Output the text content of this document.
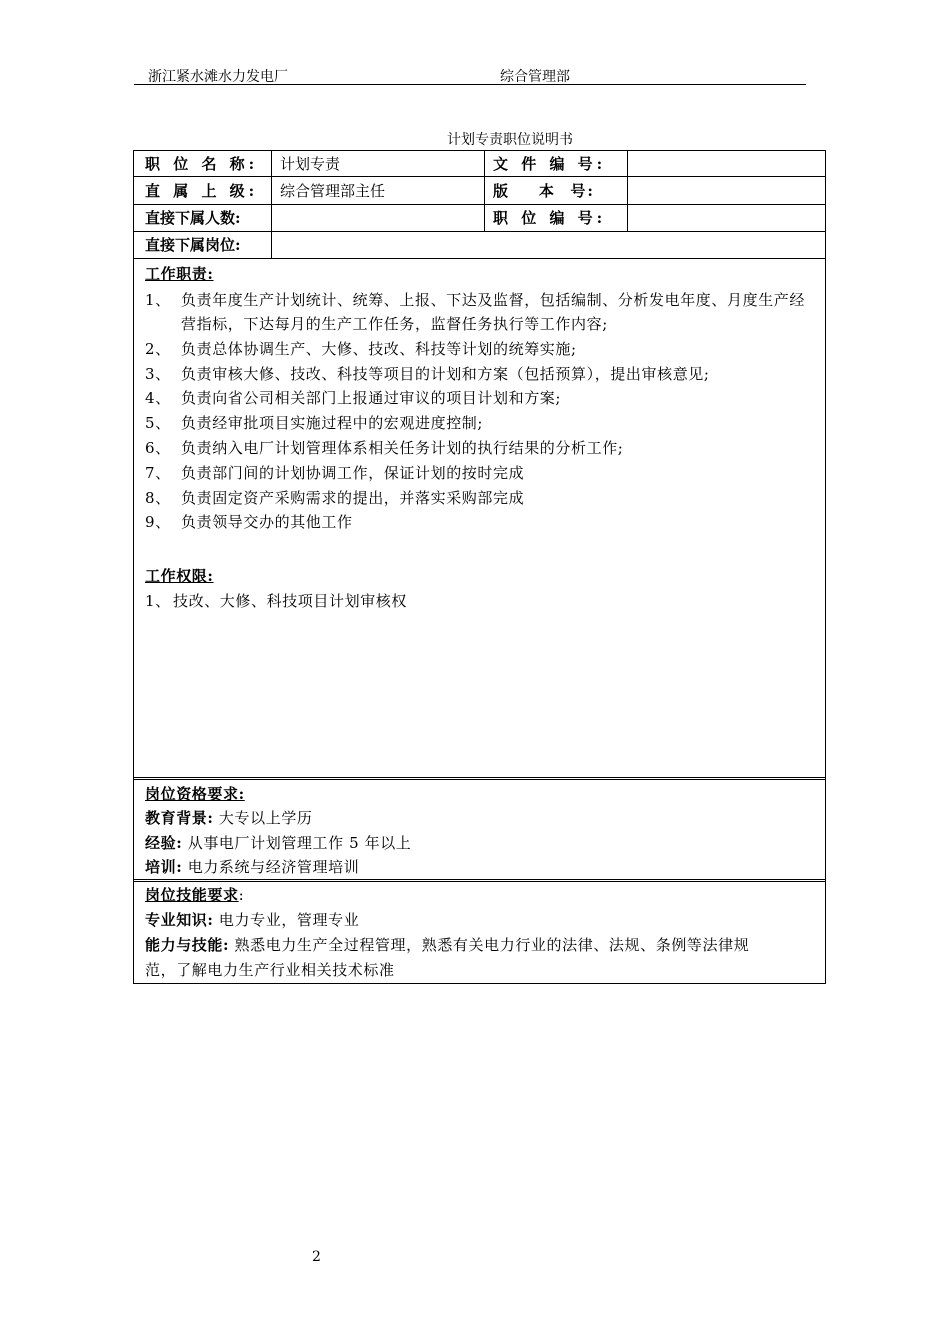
浙江紧水滩水力发电厂	综合管理部
计划专责职位说明书
职 位 名 称: 计划专责	文 件 编 号:
直 属 上 级: 综合管理部主任	版    本  号:
直接下属人数:	职 位 编 号:
直接下属岗位:
工作职责:
1、 负责年度生产计划统计、统筹、上报、下达及监督，包括编制、分析发电年度、月度生产经
营指标，下达每月的生产工作任务，监督任务执行等工作内容;
2、 负责总体协调生产、大修、技改、科技等计划的统筹实施;
3、 负责审核大修、技改、科技等项目的计划和方案（包括预算），提出审核意见;
4、 负责向省公司相关部门上报通过审议的项目计划和方案;
5、 负责经审批项目实施过程中的宏观进度控制;
6、 负责纳入电厂计划管理体系相关任务计划的执行结果的分析工作;
7、 负责部门间的计划协调工作，保证计划的按时完成
8、 负责固定资产采购需求的提出，并落实采购部完成
9、 负责领导交办的其他工作
工作权限:
1、 技改、大修、科技项目计划审核权
岗位资格要求:
教育背景: 大专以上学历
经验: 从事电厂计划管理工作 5 年以上
培训: 电力系统与经济管理培训
岗位技能要求:
专业知识: 电力专业，管理专业
能力与技能: 熟悉电力生产全过程管理，熟悉有关电力行业的法律、法规、条例等法律规
范，了解电力生产行业相关技术标准
2
